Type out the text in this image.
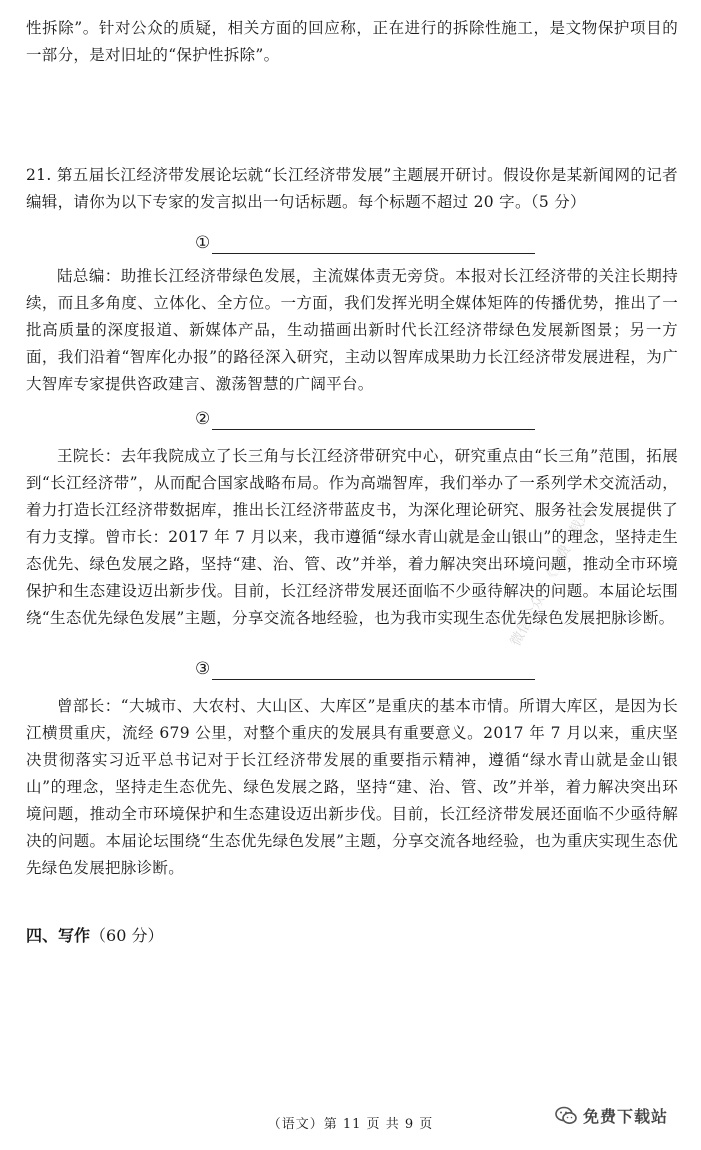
性拆除”。针对公众的质疑，相关方面的回应称，正在进行的拆除性施工，是文物保护项目的一部分，是对旧址的“保护性拆除”。

21. 第五届长江经济带发展论坛就“长江经济带发展”主题展开研讨。假设你是某新闻网的记者编辑，请你为以下专家的发言拟出一句话标题。每个标题不超过 20 字。（5 分）

①

陆总编：助推长江经济带绿色发展，主流媒体责无旁贷。本报对长江经济带的关注长期持续，而且多角度、立体化、全方位。一方面，我们发挥光明全媒体矩阵的传播优势，推出了一批高质量的深度报道、新媒体产品，生动描画出新时代长江经济带绿色发展新图景；另一方面，我们沿着“智库化办报”的路径深入研究，主动以智库成果助力长江经济带发展进程，为广大智库专家提供咨政建言、激荡智慧的广阔平台。

②

王院长：去年我院成立了长三角与长江经济带研究中心，研究重点由“长三角”范围，拓展到“长江经济带”，从而配合国家战略布局。作为高端智库，我们举办了一系列学术交流活动，着力打造长江经济带数据库，推出长江经济带蓝皮书，为深化理论研究、服务社会发展提供了有力支撑。曾市长：2017 年 7 月以来，我市遵循“绿水青山就是金山银山”的理念，坚持走生态优先、绿色发展之路，坚持“建、治、管、改”并举，着力解决突出环境问题，推动全市环境保护和生态建设迈出新步伐。目前，长江经济带发展还面临不少亟待解决的问题。本届论坛围绕“生态优先绿色发展”主题，分享交流各地经验，也为我市实现生态优先绿色发展把脉诊断。

③

曾部长：“大城市、大农村、大山区、大库区”是重庆的基本市情。所谓大库区，是因为长江横贯重庆，流经 679 公里，对整个重庆的发展具有重要意义。2017 年 7 月以来，重庆坚决贯彻落实习近平总书记对于长江经济带发展的重要指示精神，遵循“绿水青山就是金山银山”的理念，坚持走生态优先、绿色发展之路，坚持“建、治、管、改”并举，着力解决突出环境问题，推动全市环境保护和生态建设迈出新步伐。目前，长江经济带发展还面临不少亟待解决的问题。本届论坛围绕“生态优先绿色发展”主题，分享交流各地经验，也为重庆实现生态优先绿色发展把脉诊断。

四、写作（60 分）

微信公众号《免费下载站》
（语文）第 11 页 共 9 页	免费下载站
